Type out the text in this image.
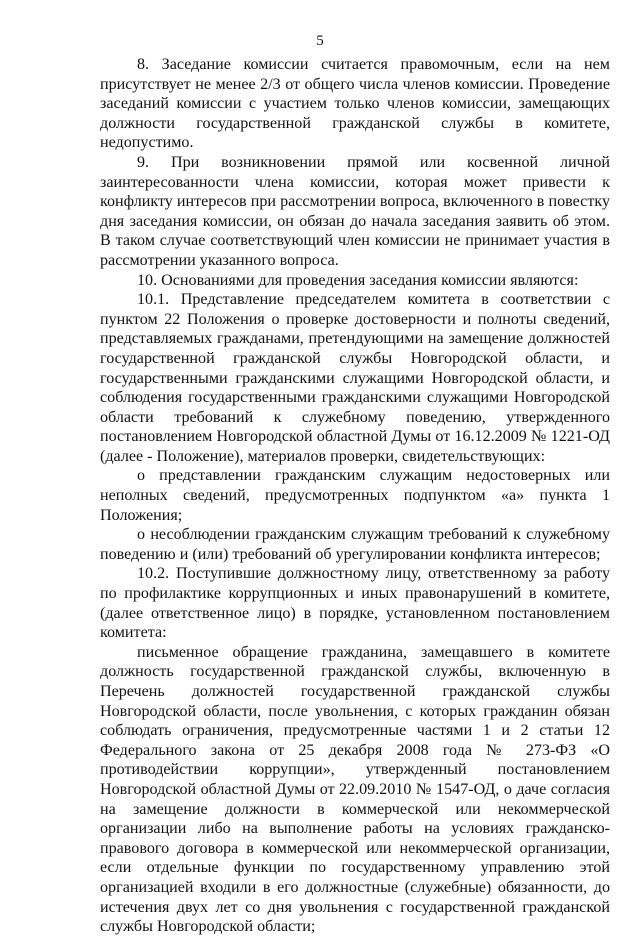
5

8. Заседание комиссии считается правомочным, если на нем присутствует не менее 2/3 от общего числа членов комиссии. Проведение заседаний комиссии с участием только членов комиссии, замещающих должности государственной гражданской службы в комитете, недопустимо.

9. При возникновении прямой или косвенной личной заинтересованности члена комиссии, которая может привести к конфликту интересов при рассмотрении вопроса, включенного в повестку дня заседания комиссии, он обязан до начала заседания заявить об этом. В таком случае соответствующий член комиссии не принимает участия в рассмотрении указанного вопроса.

10. Основаниями для проведения заседания комиссии являются:

10.1. Представление председателем комитета в соответствии с пунктом 22 Положения о проверке достоверности и полноты сведений, представляемых гражданами, претендующими на замещение должностей государственной гражданской службы Новгородской области, и государственными гражданскими служащими Новгородской области, и соблюдения государственными гражданскими служащими Новгородской области требований к служебному поведению, утвержденного постановлением Новгородской областной Думы от 16.12.2009 № 1221-ОД (далее - Положение), материалов проверки, свидетельствующих:

о представлении гражданским служащим недостоверных или неполных сведений, предусмотренных подпунктом «а» пункта 1 Положения;

о несоблюдении гражданским служащим требований к служебному поведению и (или) требований об урегулировании конфликта интересов;

10.2. Поступившие должностному лицу, ответственному за работу по профилактике коррупционных и иных правонарушений в комитете, (далее ответственное лицо) в порядке, установленном постановлением комитета:

письменное обращение гражданина, замещавшего в комитете должность государственной гражданской службы, включенную в Перечень должностей государственной гражданской службы Новгородской области, после увольнения, с которых гражданин обязан соблюдать ограничения, предусмотренные частями 1 и 2 статьи 12 Федерального закона от 25 декабря 2008 года № 273-ФЗ «О противодействии коррупции», утвержденный постановлением Новгородской областной Думы от 22.09.2010 № 1547-ОД, о даче согласия на замещение должности в коммерческой или некоммерческой организации либо на выполнение работы на условиях гражданско-правового договора в коммерческой или некоммерческой организации, если отдельные функции по государственному управлению этой организацией входили в его должностные (служебные) обязанности, до истечения двух лет со дня увольнения с государственной гражданской службы Новгородской области;
